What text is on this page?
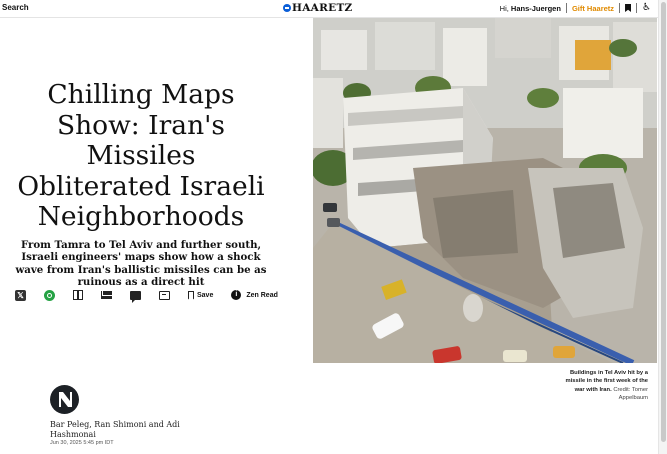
Search	HAARETZ	Hi, Hans-Juergen Gift Haaretz	♿︎
Chilling Maps Show: Iran's Missiles Obliterated Israeli Neighborhoods

From Tamra to Tel Aviv and further south, Israeli engineers' maps show how a shock wave from Iran's ballistic missiles can be as ruinous as a direct hit

𝕏	Save	i	Zen Read
Buildings in Tel Aviv hit by a missile in the first week of the war with Iran. Credit: Tomer Appelbaum
Bar Peleg, Ran Shimoni and Adi Hashmonai
Jun 30, 2025 5:45 pm IDT
